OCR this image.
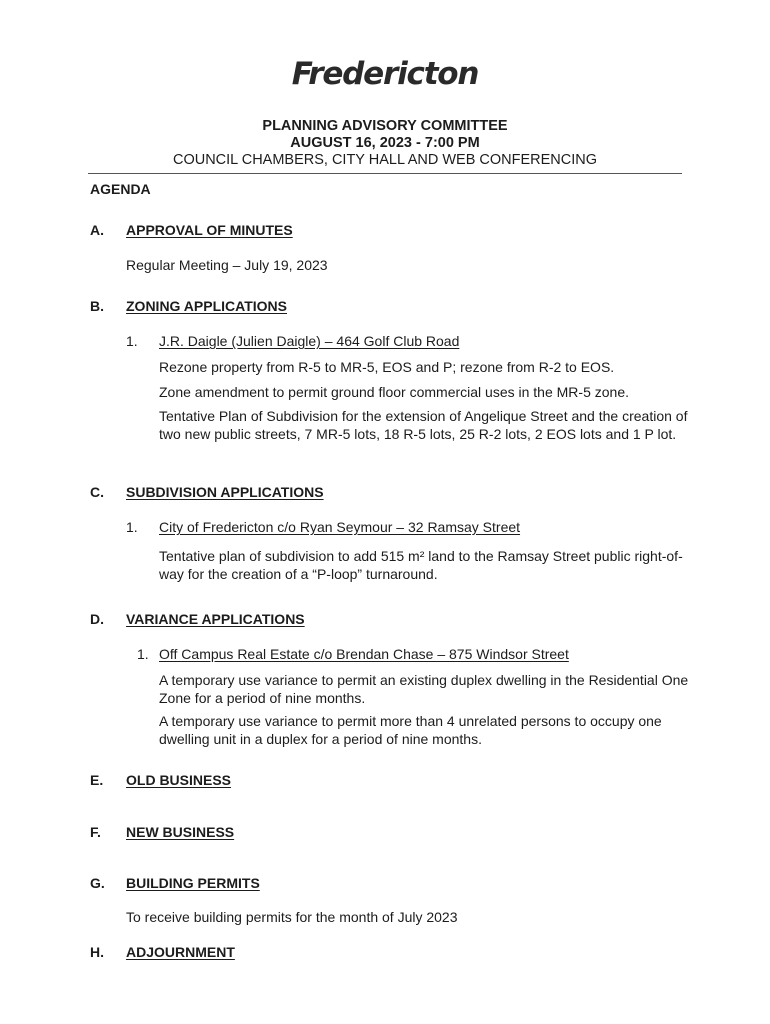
Fredericton
PLANNING ADVISORY COMMITTEE
AUGUST 16, 2023 - 7:00 PM
COUNCIL CHAMBERS, CITY HALL AND WEB CONFERENCING
AGENDA
A. APPROVAL OF MINUTES
Regular Meeting – July 19, 2023
B. ZONING APPLICATIONS
1. J.R. Daigle (Julien Daigle) – 464 Golf Club Road
Rezone property from R-5 to MR-5, EOS and P; rezone from R-2 to EOS.
Zone amendment to permit ground floor commercial uses in the MR-5 zone.
Tentative Plan of Subdivision for the extension of Angelique Street and the creation of two new public streets, 7 MR-5 lots, 18 R-5 lots, 25 R-2 lots, 2 EOS lots and 1 P lot.
C. SUBDIVISION APPLICATIONS
1. City of Fredericton c/o Ryan Seymour – 32 Ramsay Street
Tentative plan of subdivision to add 515 m² land to the Ramsay Street public right-of-way for the creation of a “P-loop” turnaround.
D. VARIANCE APPLICATIONS
1. Off Campus Real Estate c/o Brendan Chase – 875 Windsor Street
A temporary use variance to permit an existing duplex dwelling in the Residential One Zone for a period of nine months.
A temporary use variance to permit more than 4 unrelated persons to occupy one dwelling unit in a duplex for a period of nine months.
E. OLD BUSINESS
F. NEW BUSINESS
G. BUILDING PERMITS
To receive building permits for the month of July 2023
H. ADJOURNMENT
